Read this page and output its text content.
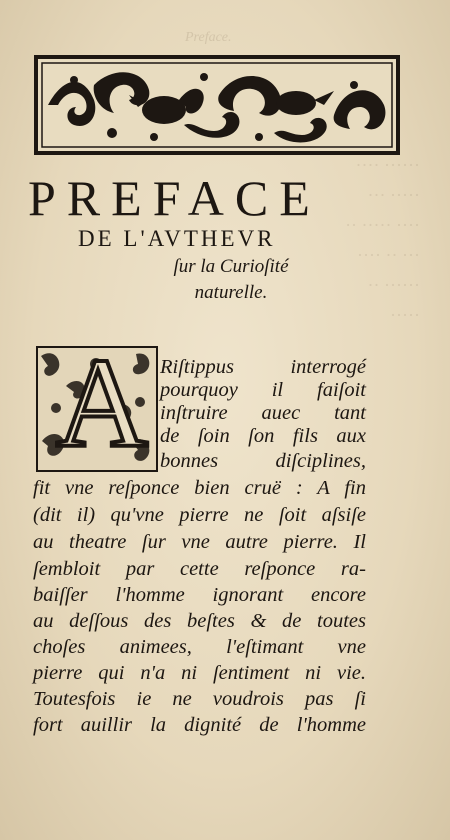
Preface.
···· ······
··· ·····
·· ····· ····
···· ·· ···
·· ······
·····
PREFACE
DE L'AVTHEVR
ſur la Curioſité
naturelle.
A Riſtippus interrogé
pourquoy il faiſoit
inſtruire auec tant
de ſoin ſon fils aux
bonnes diſciplines,
fit vne reſponce bien cruë : A fin
(dit il) qu'vne pierre ne ſoit aſsiſe
au theatre ſur vne autre pierre. Il
ſembloit par cette reſponce ra-
baiſſer l'homme ignorant encore
au deſſous des beſtes & de toutes
choſes animees, l'eſtimant vne
pierre qui n'a ni ſentiment ni vie.
Toutesfois ie ne voudrois pas ſi
fort auillir la dignité de l'homme
